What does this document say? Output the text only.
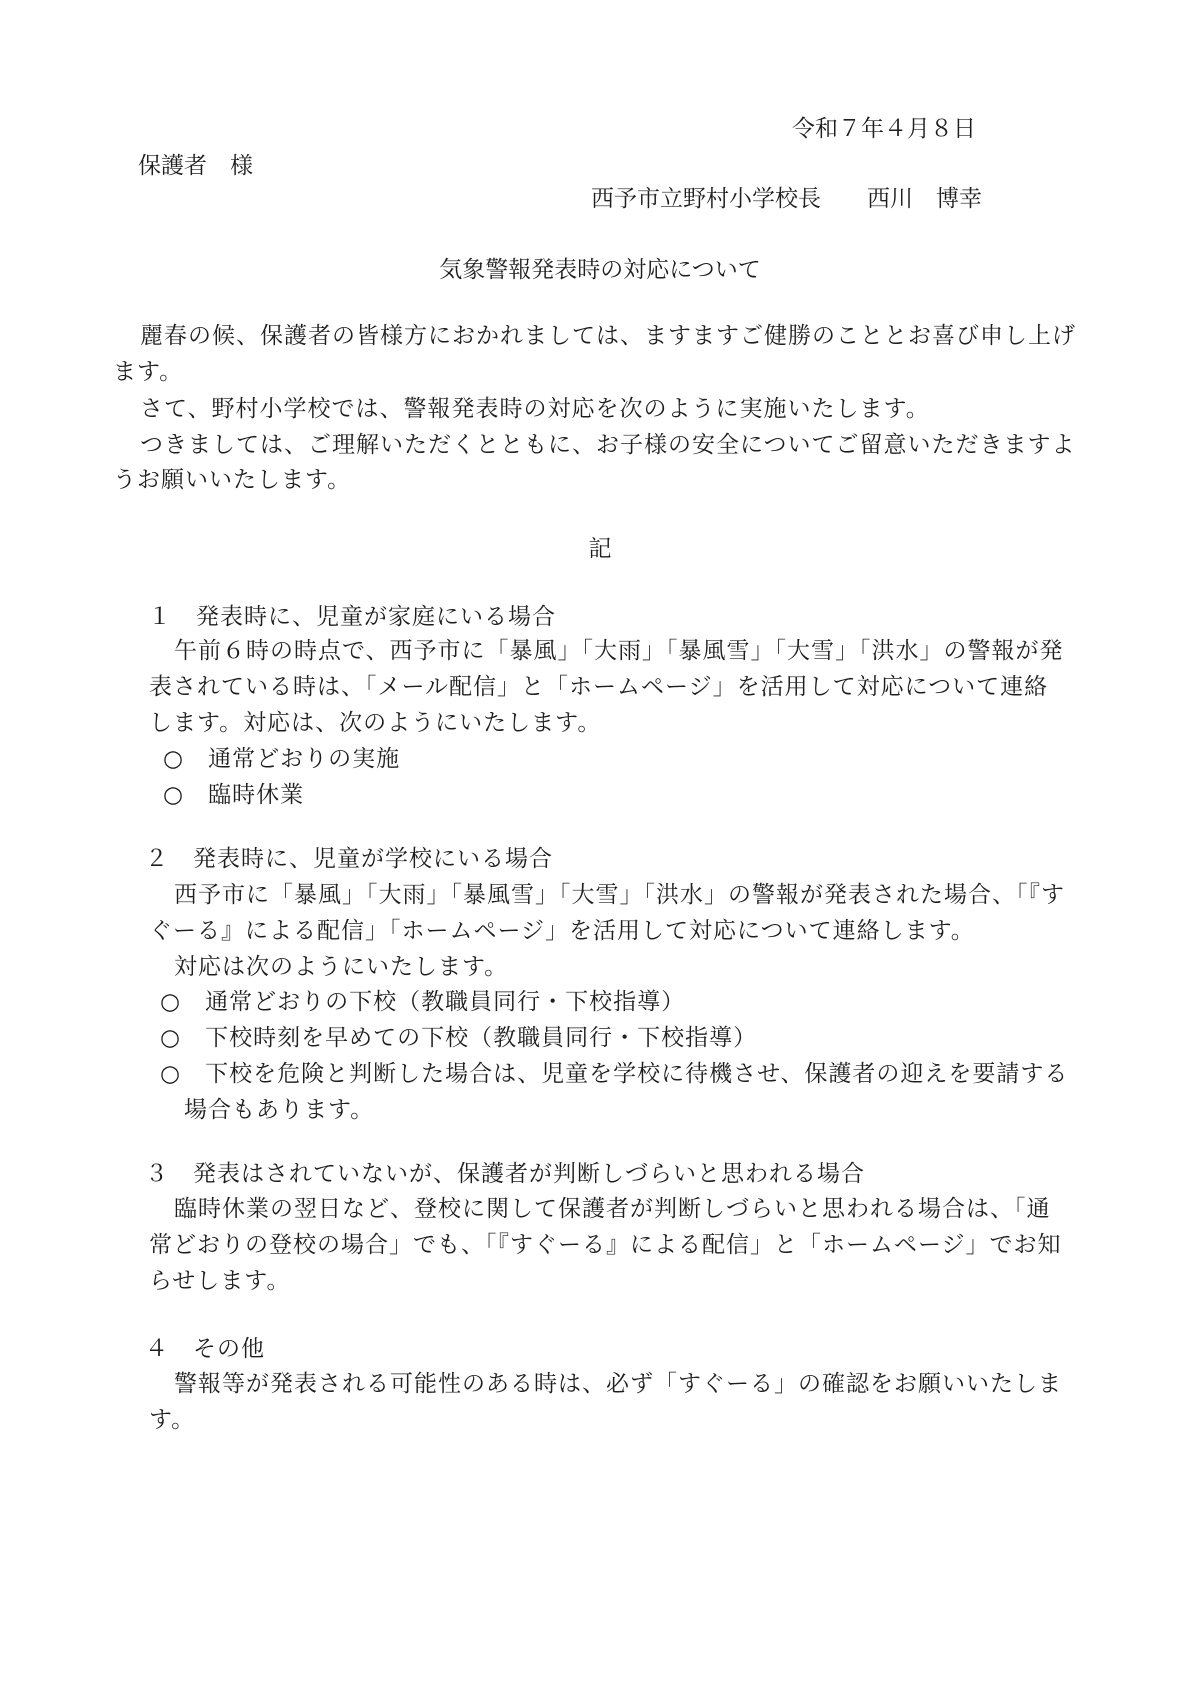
令和７年４月８日

保護者　様

西予市立野村小学校長　　西川　博幸

気象警報発表時の対応について

麗春の候、保護者の皆様方におかれましては、ますますご健勝のこととお喜び申し上げ

ます。

さて、野村小学校では、警報発表時の対応を次のように実施いたします。

つきましては、ご理解いただくとともに、お子様の安全についてご留意いただきますよ

うお願いいたします。

記

１　発表時に、児童が家庭にいる場合

午前６時の時点で、西予市に「暴風」「大雨」「暴風雪」「大雪」「洪水」の警報が発

表されている時は、「メール配信」と「ホームページ」を活用して対応について連絡

します。対応は、次のようにいたします。

○　通常どおりの実施

○　臨時休業

２　発表時に、児童が学校にいる場合

西予市に「暴風」「大雨」「暴風雪」「大雪」「洪水」の警報が発表された場合、「『す

ぐーる』による配信」「ホームページ」を活用して対応について連絡します。

対応は次のようにいたします。

○　通常どおりの下校（教職員同行・下校指導）

○　下校時刻を早めての下校（教職員同行・下校指導）

○　下校を危険と判断した場合は、児童を学校に待機させ、保護者の迎えを要請する

場合もあります。

３　発表はされていないが、保護者が判断しづらいと思われる場合

臨時休業の翌日など、登校に関して保護者が判断しづらいと思われる場合は、「通

常どおりの登校の場合」でも、「『すぐーる』による配信」と「ホームページ」でお知

らせします。

４　その他

警報等が発表される可能性のある時は、必ず「すぐーる」の確認をお願いいたしま

す。
